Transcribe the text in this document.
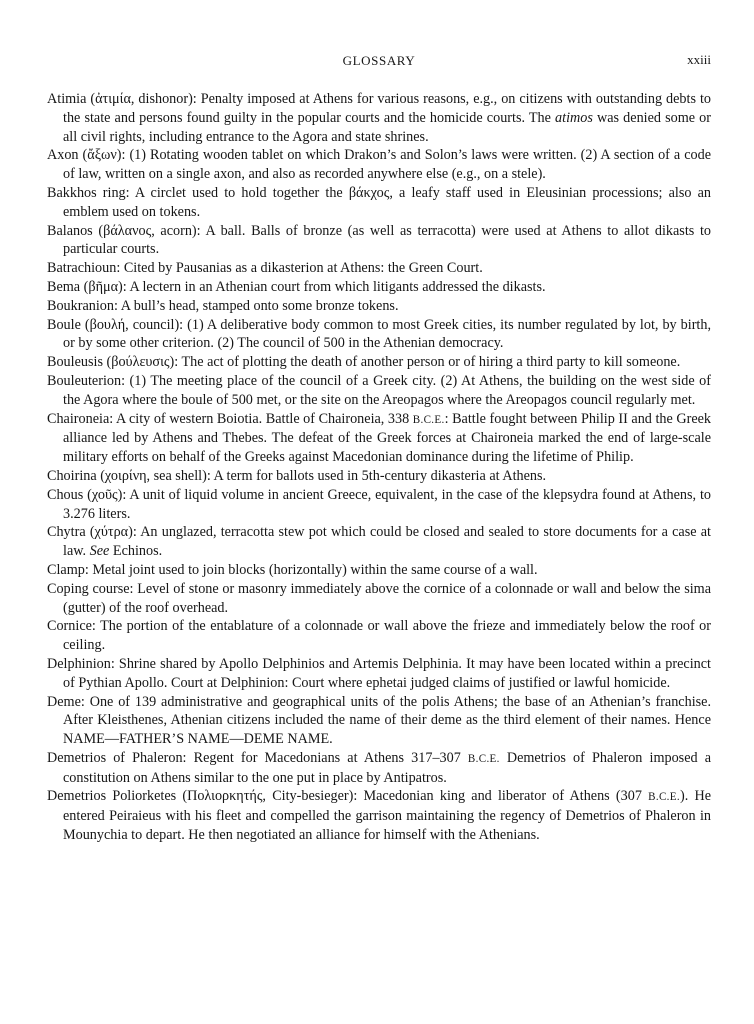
GLOSSARY	xxiii

Atimia (ἀτιμία, dishonor): Penalty imposed at Athens for various reasons, e.g., on citizens with outstanding debts to the state and persons found guilty in the popular courts and the homicide courts. The atimos was denied some or all civil rights, including entrance to the Agora and state shrines.

Axon (ἄξων): (1) Rotating wooden tablet on which Drakon’s and Solon’s laws were written. (2) A section of a code of law, written on a single axon, and also as recorded anywhere else (e.g., on a stele).

Bakkhos ring: A circlet used to hold together the βάκχος, a leafy staff used in Eleusinian processions; also an emblem used on tokens.

Balanos (βάλανος, acorn): A ball. Balls of bronze (as well as terracotta) were used at Athens to allot dikasts to particular courts.

Batrachioun: Cited by Pausanias as a dikasterion at Athens: the Green Court.

Bema (βῆμα): A lectern in an Athenian court from which litigants addressed the dikasts.

Boukranion: A bull’s head, stamped onto some bronze tokens.

Boule (βουλή, council): (1) A deliberative body common to most Greek cities, its number regulated by lot, by birth, or by some other criterion. (2) The council of 500 in the Athenian democracy.

Bouleusis (βούλευσις): The act of plotting the death of another person or of hiring a third party to kill someone.

Bouleuterion: (1) The meeting place of the council of a Greek city. (2) At Athens, the building on the west side of the Agora where the boule of 500 met, or the site on the Areopagos where the Areopagos council regularly met.

Chaironeia: A city of western Boiotia. Battle of Chaironeia, 338 B.C.E.: Battle fought between Philip II and the Greek alliance led by Athens and Thebes. The defeat of the Greek forces at Chaironeia marked the end of large-scale military efforts on behalf of the Greeks against Macedonian dominance during the lifetime of Philip.

Choirina (χοιρίνη, sea shell): A term for ballots used in 5th-century dikasteria at Athens.

Chous (χοῦς): A unit of liquid volume in ancient Greece, equivalent, in the case of the klepsydra found at Athens, to 3.276 liters.

Chytra (χύτρα): An unglazed, terracotta stew pot which could be closed and sealed to store documents for a case at law. See Echinos.

Clamp: Metal joint used to join blocks (horizontally) within the same course of a wall.

Coping course: Level of stone or masonry immediately above the cornice of a colonnade or wall and below the sima (gutter) of the roof overhead.

Cornice: The portion of the entablature of a colonnade or wall above the frieze and immediately below the roof or ceiling.

Delphinion: Shrine shared by Apollo Delphinios and Artemis Delphinia. It may have been located within a precinct of Pythian Apollo. Court at Delphinion: Court where ephetai judged claims of justified or lawful homicide.

Deme: One of 139 administrative and geographical units of the polis Athens; the base of an Athenian’s franchise. After Kleisthenes, Athenian citizens included the name of their deme as the third element of their names. Hence NAME—FATHER’S NAME—DEME NAME.

Demetrios of Phaleron: Regent for Macedonians at Athens 317–307 B.C.E. Demetrios of Phaleron imposed a constitution on Athens similar to the one put in place by Antipatros.

Demetrios Poliorketes (Πολιορκητής, City-besieger): Macedonian king and liberator of Athens (307 B.C.E.). He entered Peiraieus with his fleet and compelled the garrison maintaining the regency of Demetrios of Phaleron in Mounychia to depart. He then negotiated an alliance for himself with the Athenians.
